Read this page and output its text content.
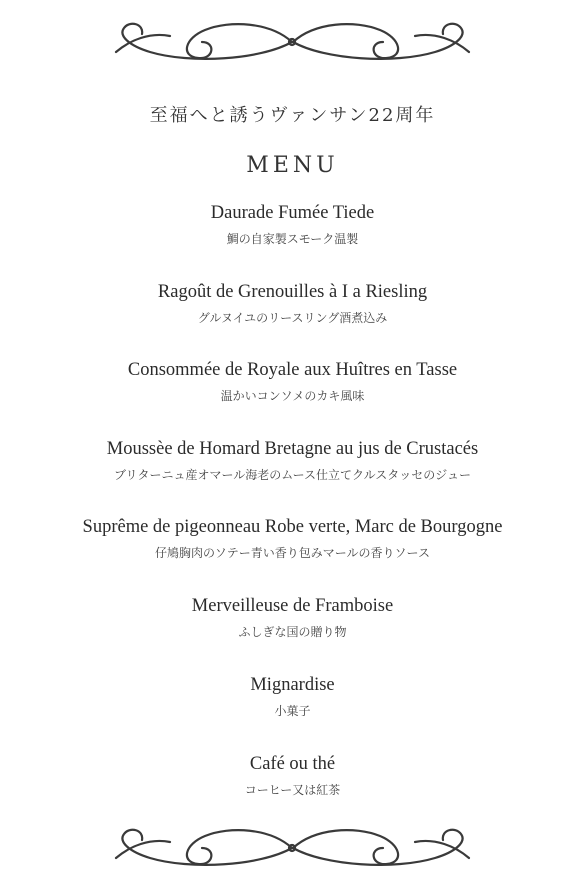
至福へと誘うヴァンサン22周年
MENU
Daurade Fumée Tiede
鯛の自家製スモーク温製
Ragoût de Grenouilles à I a Riesling
グルヌイユのリースリング酒煮込み
Consommée de Royale aux Huîtres en Tasse
温かいコンソメのカキ風味
Moussèe de Homard Bretagne au jus de Crustacés
ブリターニュ産オマール海老のムース仕立てクルスタッセのジュー
Suprême de pigeonneau Robe verte, Marc de Bourgogne
仔鳩胸肉のソテー青い香り包みマールの香りソース
Merveilleuse de Framboise
ふしぎな国の贈り物
Mignardise
小菓子
Café ou thé
コーヒー又は紅茶
